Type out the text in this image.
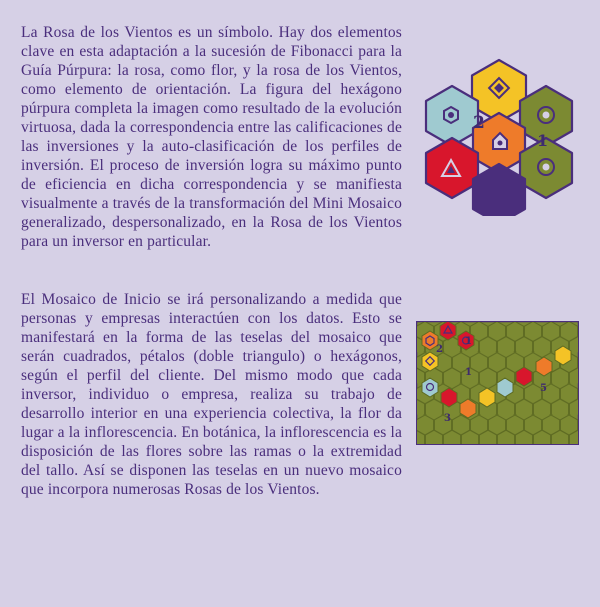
La Rosa de los Vientos es un símbolo. Hay dos elementos clave en esta adaptación a la sucesión de Fibonacci para la Guía Púrpura: la rosa, como flor, y la rosa de los Vientos, como elemento de orientación. La figura del hexágono púrpura completa la imagen como resultado de la evolución virtuosa, dada la correspondencia entre las calificaciones de las inversiones y la auto-clasificación de los perfiles de inversión. El proceso de inversión logra su máximo punto de eficiencia en dicha correspondencia y se manifiesta visualmente a través de la transformación del Mini Mosaico generalizado, despersonalizado, en la Rosa de los Vientos para un inversor en particular.

2
1

El Mosaico de Inicio se irá personalizando a medida que personas y empresas interactúen con los datos. Esto se manifestará en la forma de las teselas del mosaico que serán cuadrados, pétalos (doble triangulo) o hexágonos, según el perfil del cliente. Del mismo modo que cada inversor, individuo o empresa, realiza su trabajo de desarrollo interior en una experiencia colectiva, la flor da lugar a la inflorescencia. En botánica, la inflorescencia es la disposición de las flores sobre las ramas o la extremidad del tallo. Así se disponen las teselas en un nuevo mosaico que incorpora numerosas Rosas de los Vientos.

1
2
1
5
3
